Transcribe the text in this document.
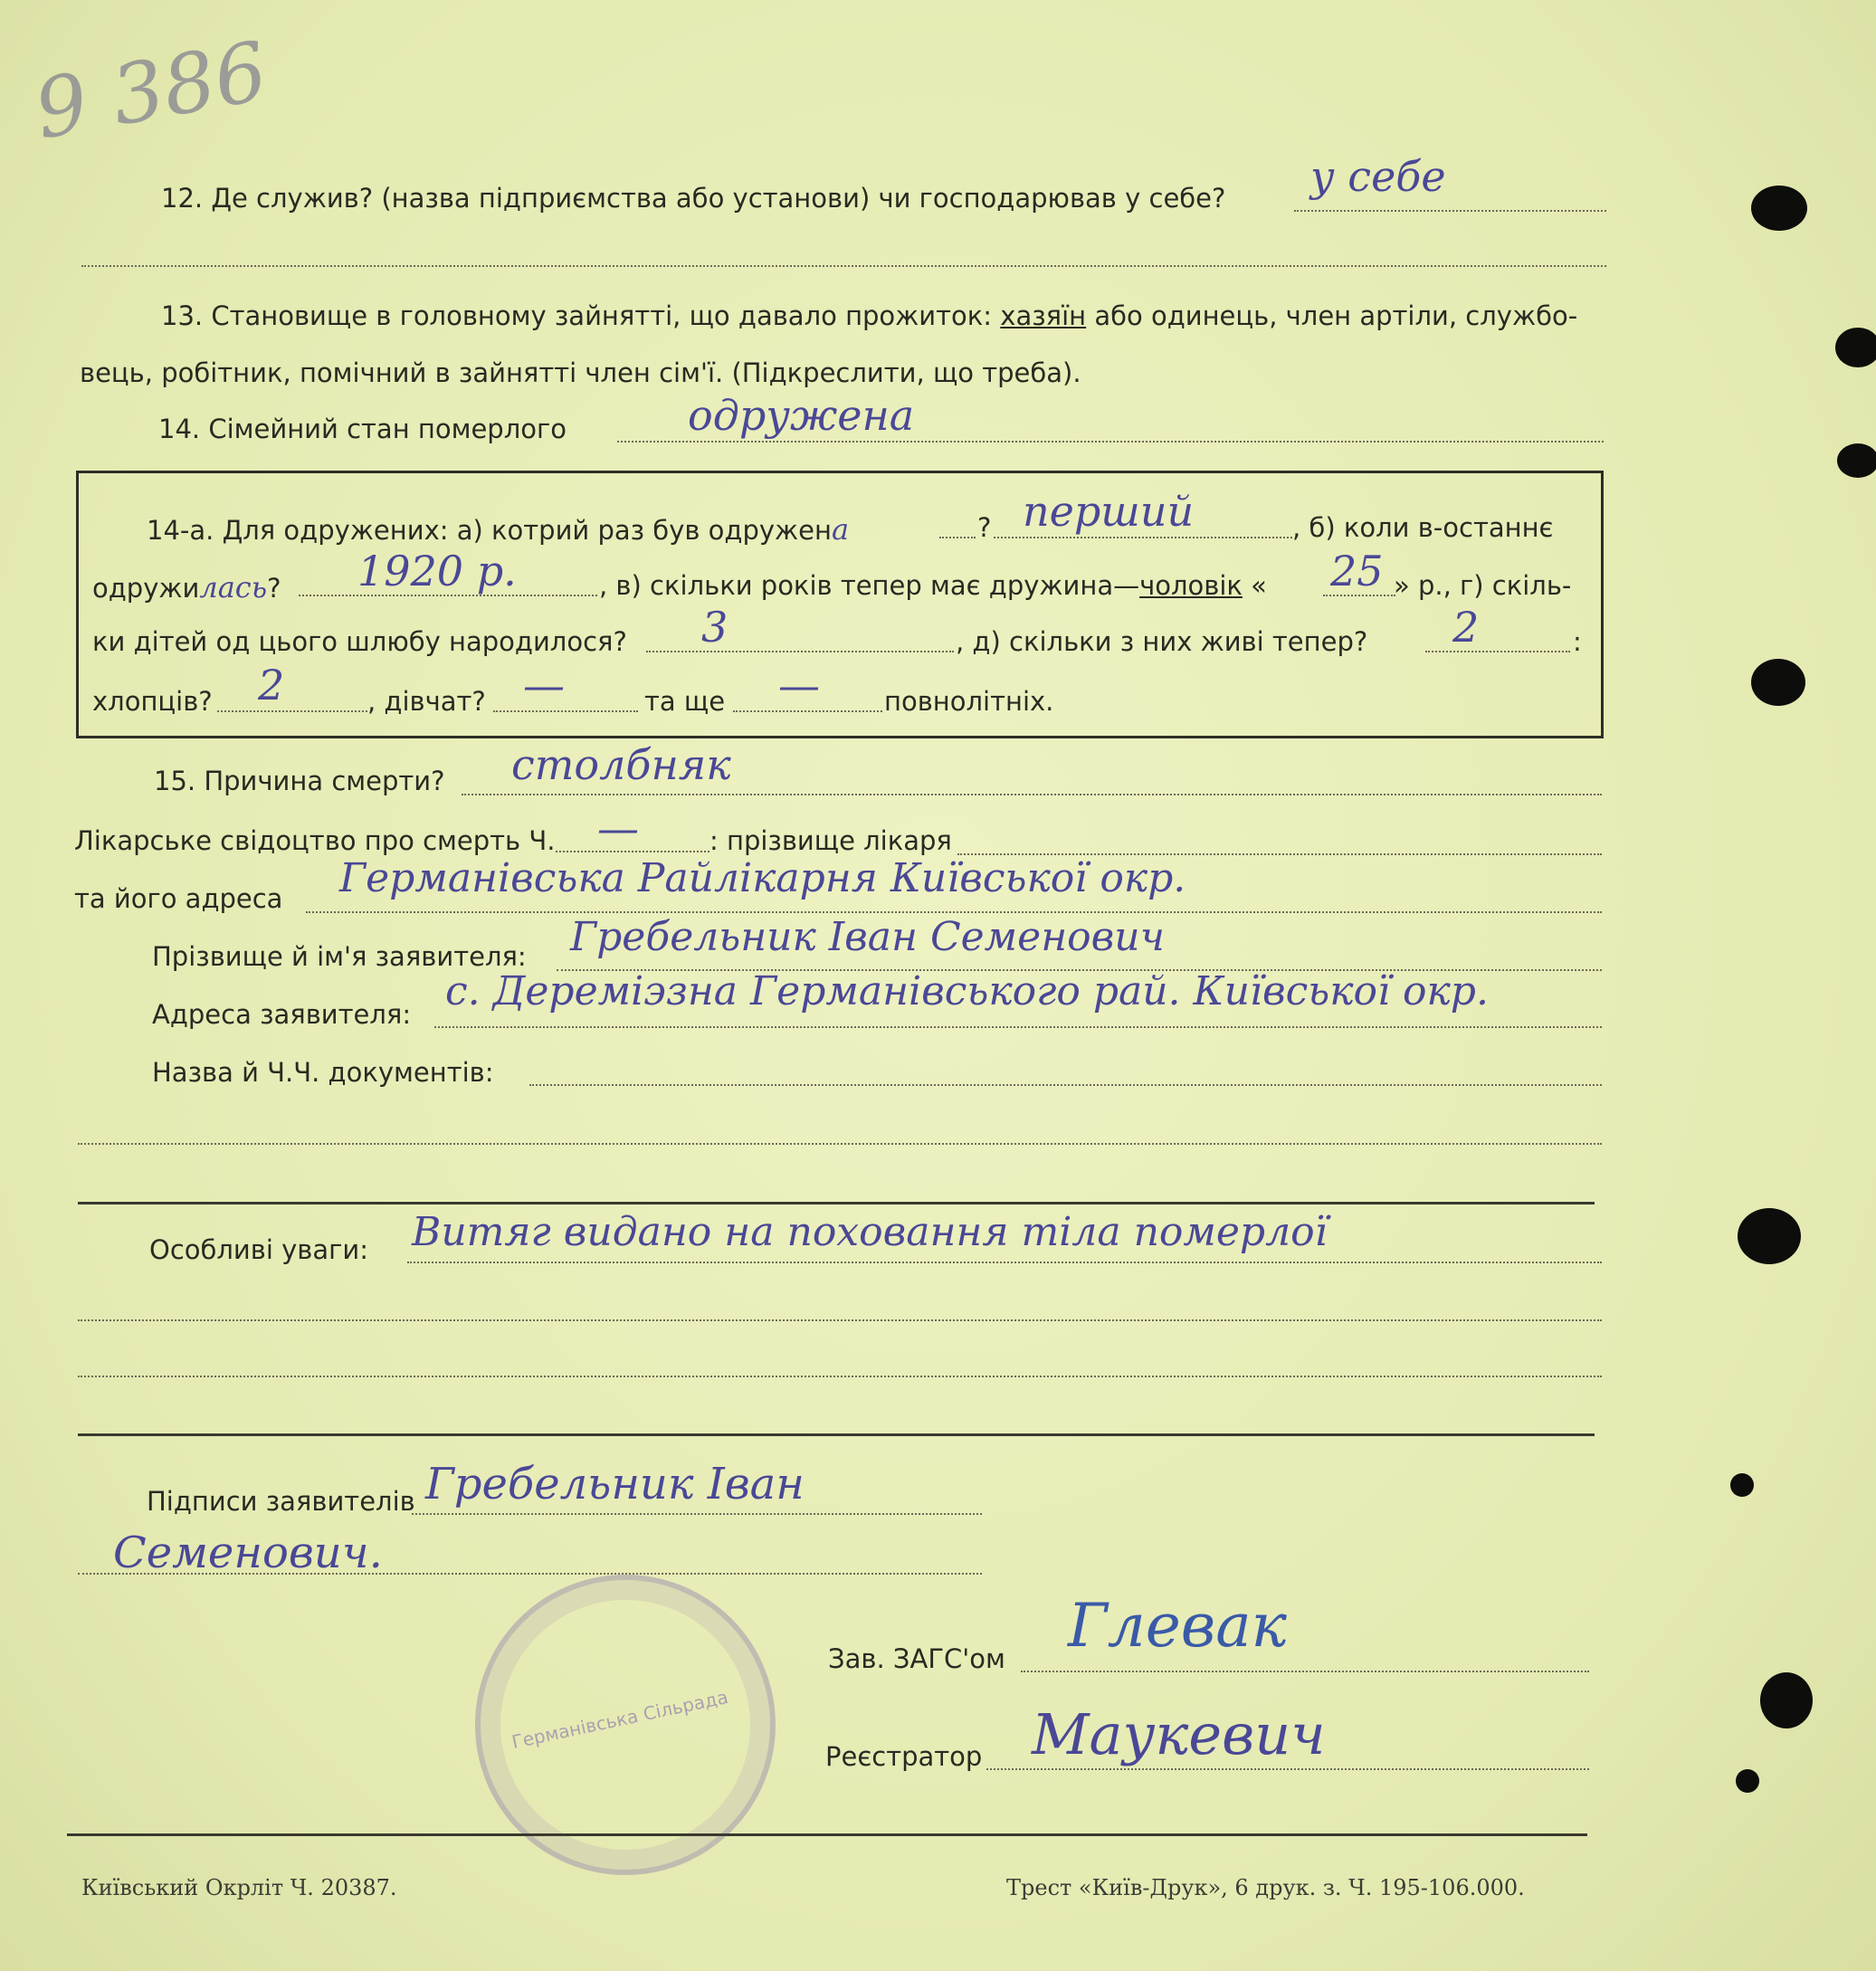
9 386
12. Де служив? (назва підприємства або установи) чи господарював у себе? у себе
13. Становище в головному зайнятті, що давало прожиток: хазяїн або одинець, член артіли, службо-
вець, робітник, помічний в зайнятті член сім'ї. (Підкреслити, що треба).
14. Сімейний стан померлого	одружена
14-а. Для одружених: а) котрий раз був одружена	? перший	, б) коли в-останнє
одружилась? 1920 р.	, в) скільки років тепер має дружина—чоловік « 25 » р., г) скіль-
ки дітей од цього шлюбу народилося? 3	, д) скільки з них живі тепер? 2	:
хлопців? 2	, дівчат? —	та ще — повнолітніх.
15. Причина смерти? столбняк
Лікарське свідоцтво про смерть Ч. —	: прізвище лікаря
та його адреса Германівська Райлікарня Київської окр.
Прізвище й ім'я заявителя: Гребельник Іван Семенович
Адреса заявителя: с. Дереміэзна Германівського рай. Київської окр.
Назва й Ч.Ч. документів:
Особливі уваги: Витяг видано на поховання тіла померлої
Підписи заявителів Гребельник Іван
Семенович.
Германівська Сільрада
Зав. ЗАГС'ом Глевак
Реєстратор Маукевич
Київський Окрліт Ч. 20387.	Трест «Київ-Друк», 6 друк. з. Ч. 195-106.000.
